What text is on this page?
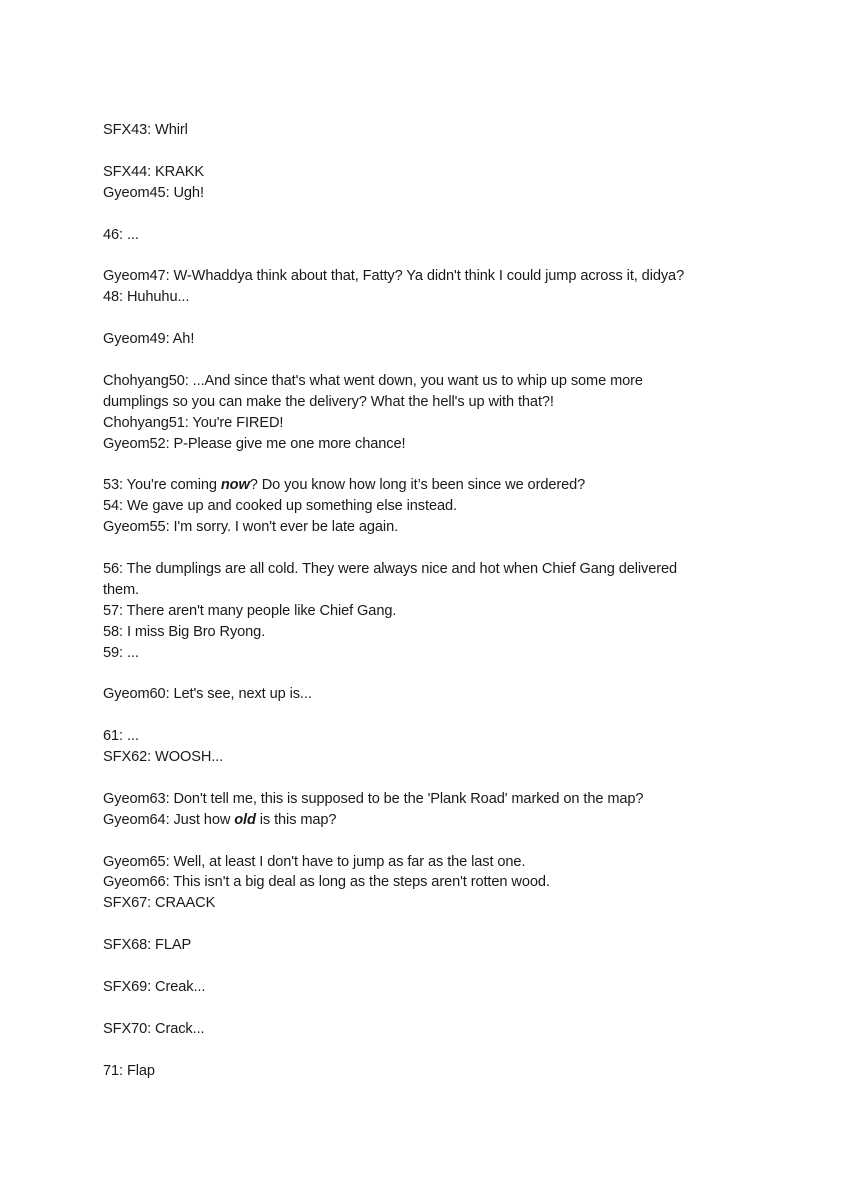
SFX43: Whirl
SFX44: KRAKK
Gyeom45: Ugh!
46: ...
Gyeom47: W-Whaddya think about that, Fatty? Ya didn't think I could jump across it, didya?
48: Huhuhu...
Gyeom49: Ah!
Chohyang50: ...And since that's what went down, you want us to whip up some more
dumplings so you can make the delivery? What the hell's up with that?!
Chohyang51: You're FIRED!
Gyeom52: P-Please give me one more chance!
53: You're coming now? Do you know how long it’s been since we ordered?
54: We gave up and cooked up something else instead.
Gyeom55: I'm sorry. I won't ever be late again.
56: The dumplings are all cold. They were always nice and hot when Chief Gang delivered
them.
57: There aren't many people like Chief Gang.
58: I miss Big Bro Ryong.
59: ...
Gyeom60: Let's see, next up is...
61: ...
SFX62: WOOSH...
Gyeom63: Don't tell me, this is supposed to be the 'Plank Road' marked on the map?
Gyeom64: Just how old is this map?
Gyeom65: Well, at least I don't have to jump as far as the last one.
Gyeom66: This isn't a big deal as long as the steps aren't rotten wood.
SFX67: CRAACK
SFX68: FLAP
SFX69: Creak...
SFX70: Crack...
71: Flap
